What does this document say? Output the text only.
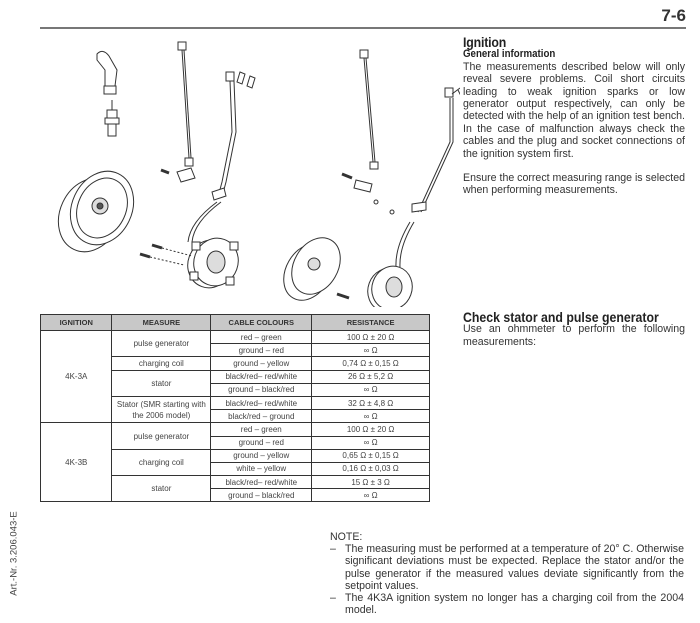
7-6
Art.-Nr. 3.206.043-E
Ignition
General information

The measurements described below will only reveal severe problems. Coil short circuits leading to weak ignition sparks or low generator output respectively, can only be detected with the help of an ignition test bench. In the case of malfunction always check the cables and the plug and socket connections of the ignition system first.

Ensure the correct measuring range is selected when performing measurements.

Check stator and pulse generator

Use an ohmmeter to perform the following measurements:

IGNITION	MEASURE	CABLE COLOURS	RESISTANCE
4K-3A	pulse generator	red – green	100 Ω ± 20 Ω
		ground – red	∞ Ω
	charging coil	ground – yellow	0,74 Ω ± 0,15 Ω
	stator	black/red– red/white	26 Ω ± 5,2 Ω
		ground – black/red	∞ Ω
	Stator (SMR starting with the 2006 model)	black/red– red/white	32 Ω ± 4,8 Ω
		black/red – ground	∞ Ω
4K-3B	pulse generator	red – green	100 Ω ± 20 Ω
		ground – red	∞ Ω
	charging coil	ground – yellow	0,65 Ω ± 0,15 Ω
		white – yellow	0,16 Ω ± 0,03 Ω
	stator	black/red– red/white	15 Ω ± 3 Ω
		ground – black/red	∞ Ω
NOTE:
– The measuring must be performed at a temperature of 20° C. Otherwise significant deviations must be expected. Replace the stator and/or the pulse generator if the measured values deviate significantly from the setpoint values.
– The 4K3A ignition system no longer has a charging coil from the 2004 model.
